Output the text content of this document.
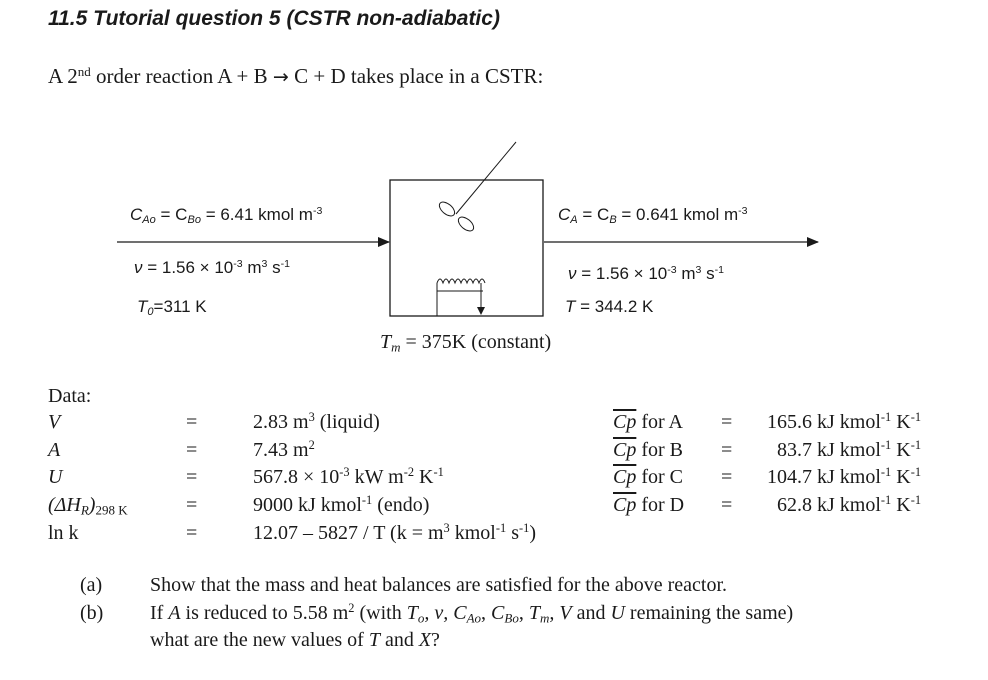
11.5 Tutorial question 5 (CSTR non-adiabatic)
A 2nd order reaction A + B → C + D takes place in a CSTR:
$C_{Ao} = C_{Bo} = 6.41$ kmol $m^{-3}$
$\nu = 1.56 \times 10^{-3}$ $m^3$ $s^{-1}$
$T_0=311$ K
$C_A = C_B = 0.641$ kmol $m^{-3}$
$\nu = 1.56 \times 10^{-3}$ $m^3$ $s^{-1}$
T = 344.2 K
$T_m = 375K$ (constant)
Data:
V	=	2.83 $m^3$ (liquid)
A	=	7.43 $m^2$
U	=	$567.8 \times 10^{-3}$ kW $m^{-2}$ $K^{-1}$
$(\Delta H_R)_{298 K}$	=	9000 kJ kmol$^{-1}$ (endo)
ln k	=	12.07 – 5827 / T ($k = m^3$ kmol$^{-1}$ $s^{-1}$)
$\overline{Cp}$ for A = 165.6 kJ kmol$^{-1}$ $K^{-1}$
$\overline{Cp}$ for B = 83.7 kJ kmol$^{-1}$ $K^{-1}$
$\overline{Cp}$ for C = 104.7 kJ kmol$^{-1}$ $K^{-1}$
$\overline{Cp}$ for D = 62.8 kJ kmol$^{-1}$ $K^{-1}$
(a) Show that the mass and heat balances are satisfied for the above reactor.
(b) If A is reduced to 5.58 $m^2$ (with $T_o$, ν, $C_{Ao}$, $C_{Bo}$, $T_m$, V and U remaining the same)
what are the new values of T and X?
